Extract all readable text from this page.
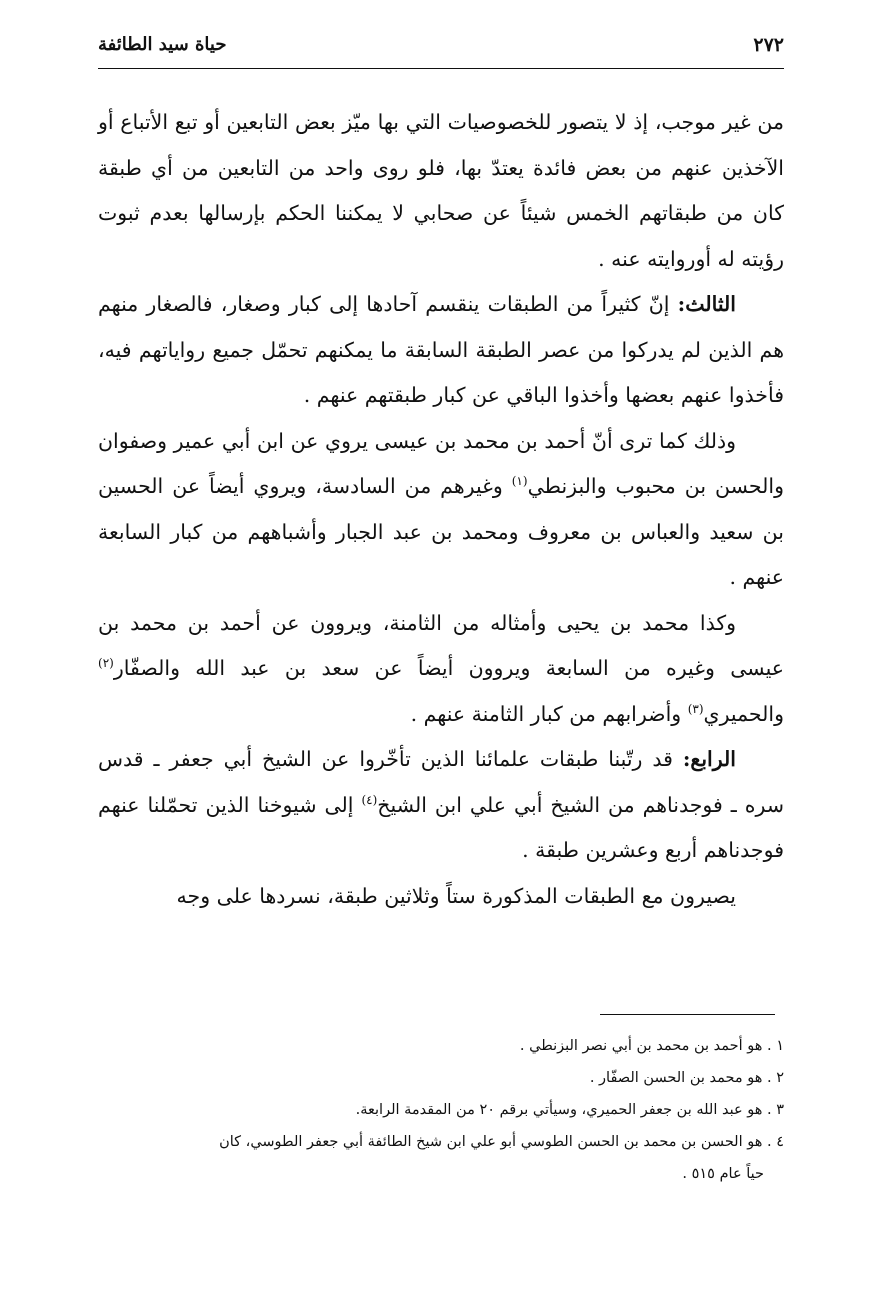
٢٧٢
حياة سيد الطائفة

من غير موجب، إذ لا يتصور للخصوصيات التي بها ميّز بعض التابعين أو تبع الأتباع أو الآخذين عنهم من بعض فائدة يعتدّ بها، فلو روى واحد من التابعين من أي طبقة كان من طبقاتهم الخمس شيئاً عن صحابي لا يمكننا الحكم بإرسالها بعدم ثبوت رؤيته له أوروايته عنه .

الثالث: إنّ كثيراً من الطبقات ينقسم آحادها إلى كبار وصغار، فالصغار منهم هم الذين لم يدركوا من عصر الطبقة السابقة ما يمكنهم تحمّل جميع رواياتهم فيه، فأخذوا عنهم بعضها وأخذوا الباقي عن كبار طبقتهم عنهم .

وذلك كما ترى أنّ أحمد بن محمد بن عيسى يروي عن ابن أبي عمير وصفوان والحسن بن محبوب والبزنطي$^{(١)}$ وغيرهم من السادسة، ويروي أيضاً عن الحسين بن سعيد والعباس بن معروف ومحمد بن عبد الجبار وأشباههم من كبار السابعة عنهم .

وكذا محمد بن يحيى وأمثاله من الثامنة، ويروون عن أحمد بن محمد بن عيسى وغيره من السابعة ويروون أيضاً عن سعد بن عبد الله والصفّار$^{(٢)}$ والحميري$^{(٣)}$ وأضرابهم من كبار الثامنة عنهم .

الرابع: قد رتّبنا طبقات علمائنا الذين تأخّروا عن الشيخ أبي جعفر ـ قدس سره ـ فوجدناهم من الشيخ أبي علي ابن الشيخ$^{(٤)}$ إلى شيوخنا الذين تحمّلنا عنهم فوجدناهم أربع وعشرين طبقة .

يصيرون مع الطبقات المذكورة ستاً وثلاثين طبقة، نسردها على وجه

١ . هو أحمد بن محمد بن أبي نصر البزنطي .

٢ . هو محمد بن الحسن الصفّار .

٣ . هو عبد الله بن جعفر الحميري، وسيأتي برقم ٢٠ من المقدمة الرابعة.

٤ . هو الحسن بن محمد بن الحسن الطوسي أبو علي ابن شيخ الطائفة أبي جعفر الطوسي، كان
حياً عام ٥١٥ .
